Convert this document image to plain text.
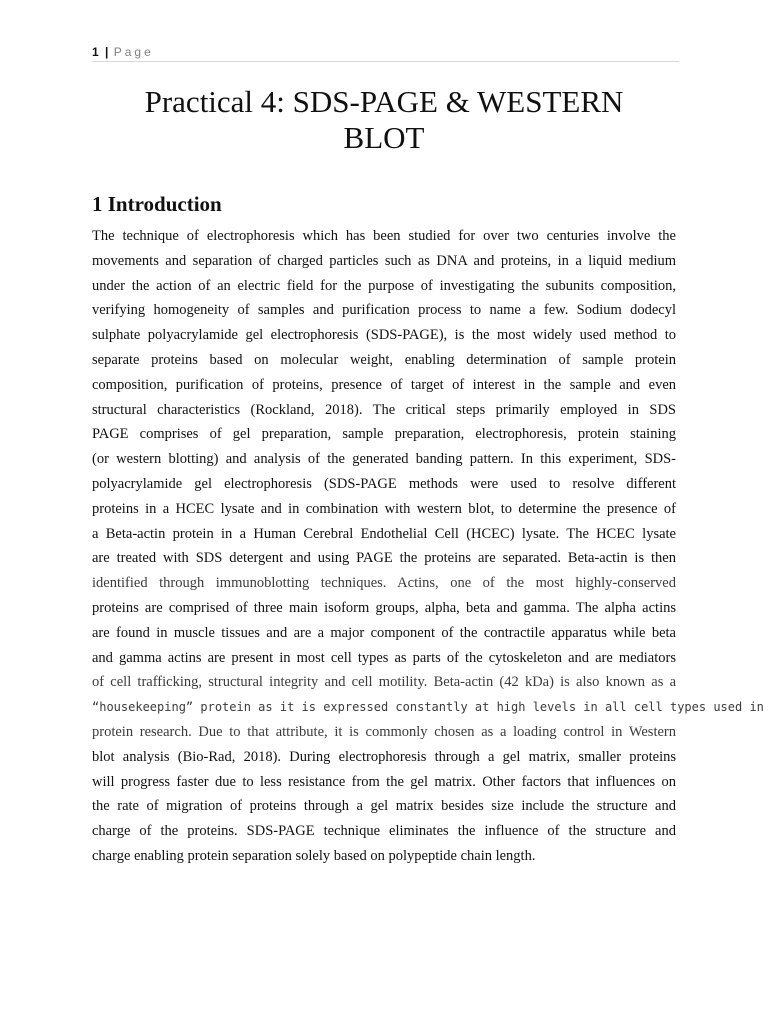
1 | Page
Practical 4: SDS-PAGE & WESTERN
BLOT
1 Introduction

The technique of electrophoresis which has been studied for over two centuries involve the
movements and separation of charged particles such as DNA and proteins, in a liquid medium
under the action of an electric field for the purpose of investigating the subunits composition,
verifying homogeneity of samples and purification process to name a few. Sodium dodecyl
sulphate polyacrylamide gel electrophoresis (SDS-PAGE), is the most widely used method to
separate proteins based on molecular weight, enabling determination of sample protein
composition, purification of proteins, presence of target of interest in the sample and even
structural characteristics (Rockland, 2018). The critical steps primarily employed in SDS
PAGE comprises of gel preparation, sample preparation, electrophoresis, protein staining
(or western blotting) and analysis of the generated banding pattern. In this experiment, SDS-
polyacrylamide gel electrophoresis (SDS-PAGE methods were used to resolve different
proteins in a HCEC lysate and in combination with western blot, to determine the presence of
a Beta-actin protein in a Human Cerebral Endothelial Cell (HCEC) lysate. The HCEC lysate
are treated with SDS detergent and using PAGE the proteins are separated. Beta-actin is then
identified through immunoblotting techniques. Actins, one of the most highly-conserved
proteins are comprised of three main isoform groups, alpha, beta and gamma. The alpha actins
are found in muscle tissues and are a major component of the contractile apparatus while beta
and gamma actins are present in most cell types as parts of the cytoskeleton and are mediators
of cell trafficking, structural integrity and cell motility. Beta-actin (42 kDa) is also known as a
“housekeeping” protein as it is expressed constantly at high levels in all cell types used in
protein research. Due to that attribute, it is commonly chosen as a loading control in Western
blot analysis (Bio-Rad, 2018). During electrophoresis through a gel matrix, smaller proteins
will progress faster due to less resistance from the gel matrix. Other factors that influences on
the rate of migration of proteins through a gel matrix besides size include the structure and
charge of the proteins. SDS-PAGE technique eliminates the influence of the structure and
charge enabling protein separation solely based on polypeptide chain length.
